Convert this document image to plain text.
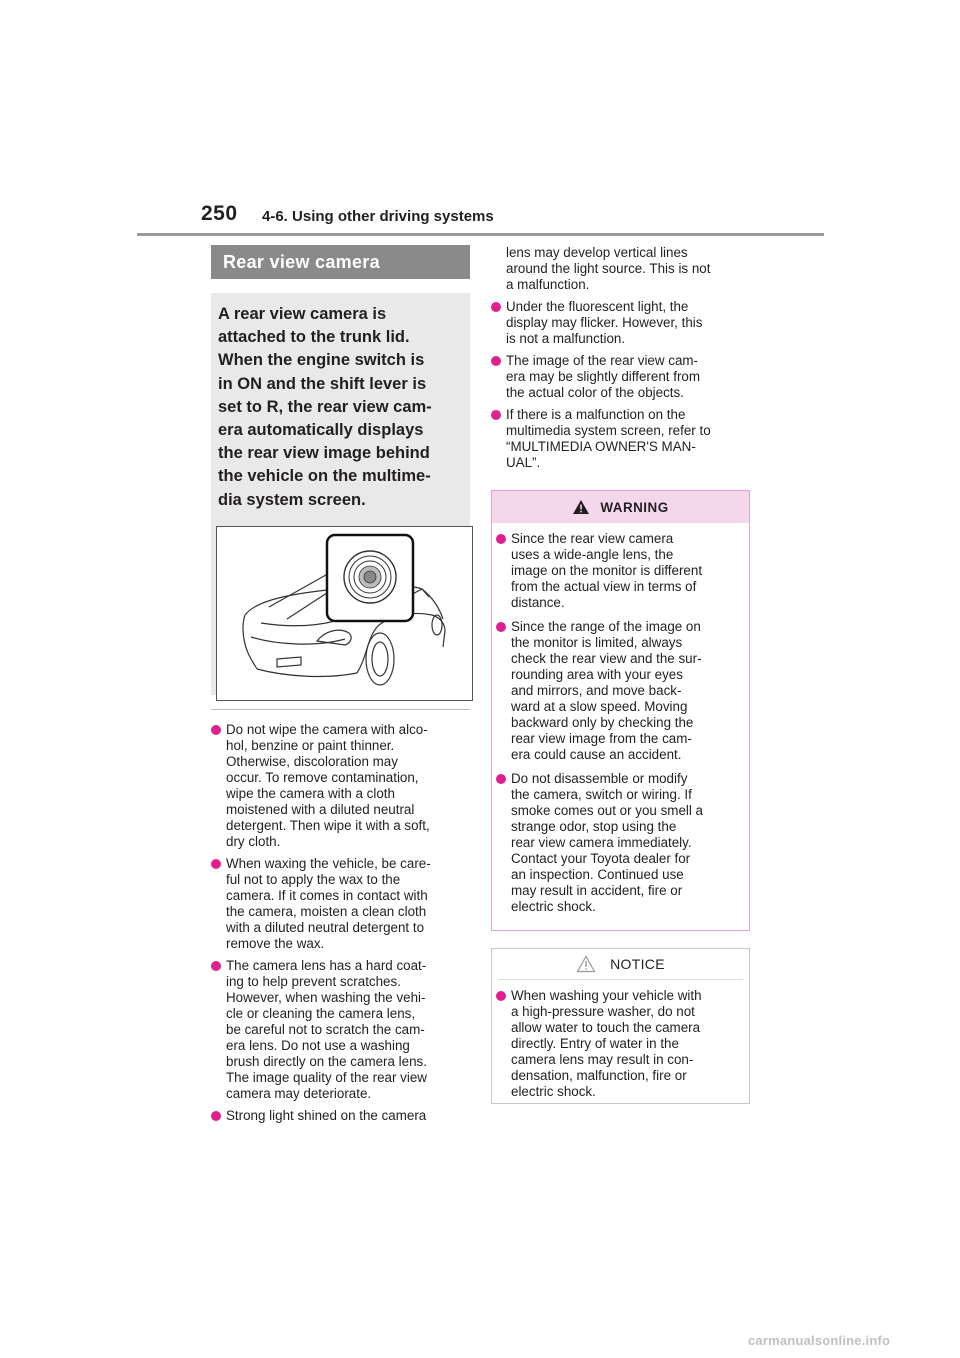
250 4-6. Using other driving systems
Rear view camera
A rear view camera is
attached to the trunk lid.
When the engine switch is
in ON and the shift lever is
set to R, the rear view cam-
era automatically displays
the rear view image behind
the vehicle on the multime-
dia system screen.
Do not wipe the camera with alco-
hol, benzine or paint thinner.
Otherwise, discoloration may
occur. To remove contamination,
wipe the camera with a cloth
moistened with a diluted neutral
detergent. Then wipe it with a soft,
dry cloth.
When waxing the vehicle, be care-
ful not to apply the wax to the
camera. If it comes in contact with
the camera, moisten a clean cloth
with a diluted neutral detergent to
remove the wax.
The camera lens has a hard coat-
ing to help prevent scratches.
However, when washing the vehi-
cle or cleaning the camera lens,
be careful not to scratch the cam-
era lens. Do not use a washing
brush directly on the camera lens.
The image quality of the rear view
camera may deteriorate.
Strong light shined on the camera
lens may develop vertical lines
around the light source. This is not
a malfunction.
Under the fluorescent light, the
display may flicker. However, this
is not a malfunction.
The image of the rear view cam-
era may be slightly different from
the actual color of the objects.
If there is a malfunction on the
multimedia system screen, refer to
“MULTIMEDIA OWNER'S MAN-
UAL”.
WARNING
Since the rear view camera
uses a wide-angle lens, the
image on the monitor is different
from the actual view in terms of
distance.
Since the range of the image on
the monitor is limited, always
check the rear view and the sur-
rounding area with your eyes
and mirrors, and move back-
ward at a slow speed. Moving
backward only by checking the
rear view image from the cam-
era could cause an accident.
Do not disassemble or modify
the camera, switch or wiring. If
smoke comes out or you smell a
strange odor, stop using the
rear view camera immediately.
Contact your Toyota dealer for
an inspection. Continued use
may result in accident, fire or
electric shock.
NOTICE
When washing your vehicle with
a high-pressure washer, do not
allow water to touch the camera
directly. Entry of water in the
camera lens may result in con-
densation, malfunction, fire or
electric shock.
carmanualsonline.info
